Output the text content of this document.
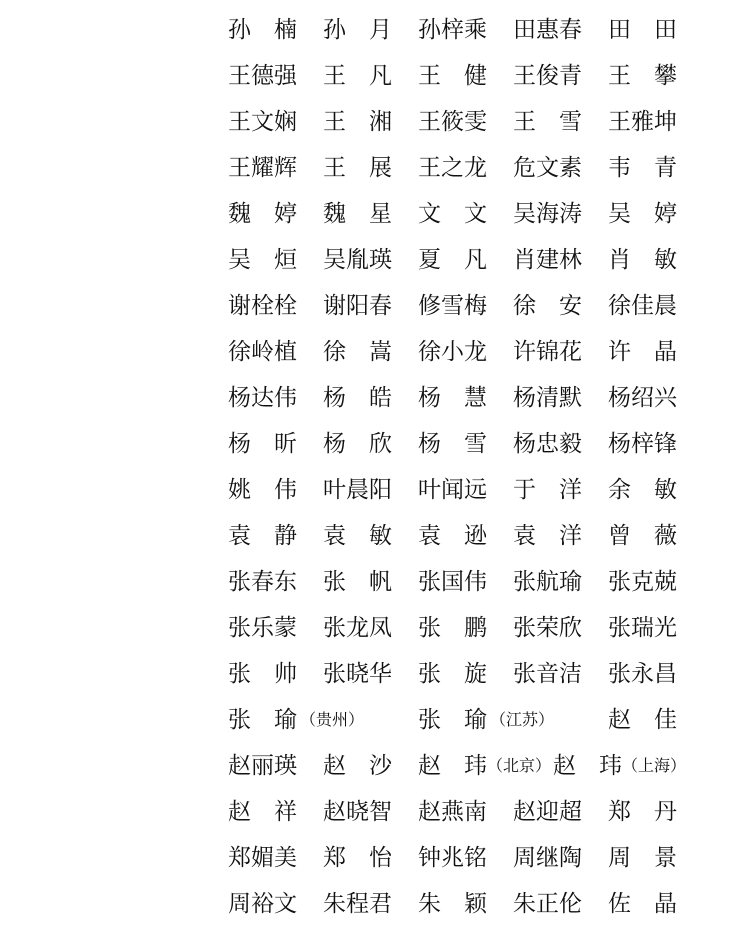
孙　楠 孙　月 孙梓乘 田惠春 田　田
王德强 王　凡 王　健 王俊青 王　攀
王文娴 王　湘 王筱雯 王　雪 王雅坤
王耀辉 王　展 王之龙 危文素 韦　青
魏　婷 魏　星 文　文 吴海涛 吴　婷
吴　烜 吴胤瑛 夏　凡 肖建林 肖　敏
谢栓栓 谢阳春 修雪梅 徐　安 徐佳晨
徐岭植 徐　嵩 徐小龙 许锦花 许　晶
杨达伟 杨　皓 杨　慧 杨清默 杨绍兴
杨　昕 杨　欣 杨　雪 杨忠毅 杨梓锋
姚　伟 叶晨阳 叶闻远 于　洋 余　敏
袁　静 袁　敏 袁　逊 袁　洋 曾　薇
张春东 张　帆 张国伟 张航瑜 张克兢
张乐蒙 张龙凤 张　鹏 张荣欣 张瑞光
张　帅 张晓华 张　旋 张音洁 张永昌
张　瑜 （贵州） 张　瑜 （江苏） 赵　佳
赵丽瑛 赵　沙 赵　玮 （北京） 赵　玮 （上海）
赵　祥 赵晓智 赵燕南 赵迎超 郑　丹
郑媚美 郑　怡 钟兆铭 周继陶 周　景
周裕文 朱程君 朱　颖 朱正伦 佐　晶
